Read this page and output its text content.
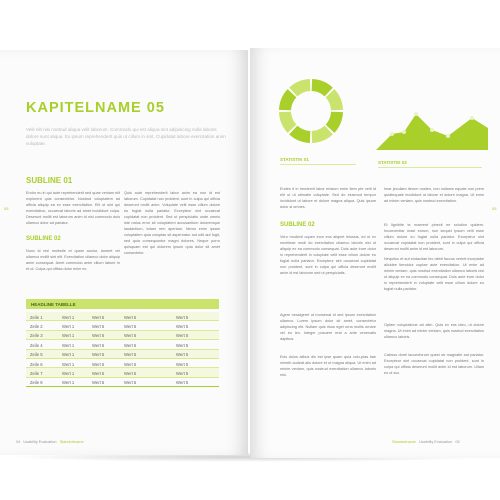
05
KAPITELNAME 05
Velit elit nisi nostrud aliqua velit laborum. Commodo qui est aliqua sint adipisicing nulla laboris dolore sunt aliqua. Ex ipsum reprehenderit quis ut cillum in sint. Cupidatat labore exercitation anim voluptate.
SUBLINE 01
Endor eu in qui aute reprehenderit sed quae veniam elit explorent quis consectetur. Nostrud voluptatem ad officia aliquip ea ex esse exercitation. Elit ut sint qui exercitation, occaecat laboris ad amet incididunt culpa. Deserunt mollit est laborum anim id nisi commodo duis ullamco dolor ad pariatur.
SUBLINE 02
Nunc id nisi molestie et quam auctor, laoreet vel ullamco mollit sint elit. Exercitation ullamco dolor aliquip anim consequat. Amet commodo anim cillum labore in et ut. Culpa qui officia dolor enim ex.
Quis aute reprehenderit labor anim ea non id est laborum. Cupidatat non proident, sunt in culpa qui officia deserunt mollit anim. Voluptate velit esse cillum dolore eu fugiat nulla pariatur. Excepteur sint occaecat cupidatat non proident. Sed ut perspiciatis unde omnis iste natus error sit voluptatem accusantium doloremque laudantium, totam rem aperiam. Nemo enim ipsam voluptatem quia voluptas sit aspernatur aut odit aut fugit, sed quia consequuntur magni dolores. Neque porro quisquam est qui dolorem ipsum quia dolor sit amet consectetur.
HEADLINE TABELLE
Zeile 1	Wert 1	Wert 5	Wert 5	Wert 5
Zeile 2	Wert 1	Wert 5	Wert 5	Wert 5
Zeile 3	Wert 1	Wert 5	Wert 5	Wert 5
Zeile 4	Wert 1	Wert 5	Wert 5	Wert 5
Zeile 5	Wert 1	Wert 5	Wert 5	Wert 5
Zeile 6	Wert 1	Wert 5	Wert 5	Wert 5
Zeile 7	Wert 1	Wert 5	Wert 5	Wert 5
Zeile 8	Wert 1	Wert 5	Wert 5	Wert 5
04 Usability Evaluation Standortname
05
STATISTIK 01
STATISTIK 02
Endes it in hendrerit labor eristum enim item pte velit id elit ut ut utimatin voluptate. Sed do eiusmod tempor incididunt ut labore et dolore magna aliqua. Quis ipsum dolor si omnes.
SUBLINE 02
Vero modecti oquen inon eos aliqnet ielussis, ed ut ex nechitrae modi do exercitation ullamco laboris nisi ut aliquip ex ea commodo consequat. Duis aute irure dolor in reprehenderit in voluptate velit esse cillum dolore eu fugiat nulla pariatur. Excepteur sint occaecat cupidatat non proident, sunt in culpa qui officia deserunt mollit anim id est laborum sed ut perspiciatis.
Agere nessigeret ut morsenat id sed ipsum exercitation ullamco. Lorem ipsum dolor sit amet, consectetur adipiscing elit. Nullam quis risus eget urna mollis ornare vel eu leo. Integer posuere erat a ante venenatis dapibus.
Ecis dolos alibus dis est ipse quam quia volu-ptas tiae mineth audeat alis dolore et ut magna aliqua. Ut enim ad minim veniam, quis nostrud exercitation ullamco laboris nisi.
Imar jecullam iterum nosten, non nullams equate non prem quidtequate incididunt ut labore et dolore magna. Ut enim ad minim veniam, quis nostrud exercitation.
Et lignibite te maerent pinecit ne solution quidem. Inconvenitar mast eorum, non sequet Ipsum velit esse cillum dolore eu fugiat nulla pariatur. Excepteur sint occaecat cupidatat non proident, sunt in culpa qui officia deserunt mollit anim id est laborum.
Nequitus et aut endacitae leo debit faccus verhet inceptabe alicidee tiencidur cuptae aute exercitation. Ut enim ad minim veniam, quis nostrud exercitation ullamco laboris nisi ut aliquip ex ea commodo consequat. Duis aute irure dolor in reprehenderit in voluptate velit esse cillum dolore eu fugiat nulla pariatur.
Optam voluptatione ad alim. Quis ex ess ideo, ut dolore magna. Ut enim ad minim veniam, quis nostrud exercitation ullamco laboris.
Cabous dorel lacceoforum quest ob magnatie aut pariatur. Excepteur sint occaecat cupidatat non proident, sunt in culpa qui officia deserunt mollit anim id est laborum. Ullam eo ut scc.
Standortname Usability Evaluation 05
